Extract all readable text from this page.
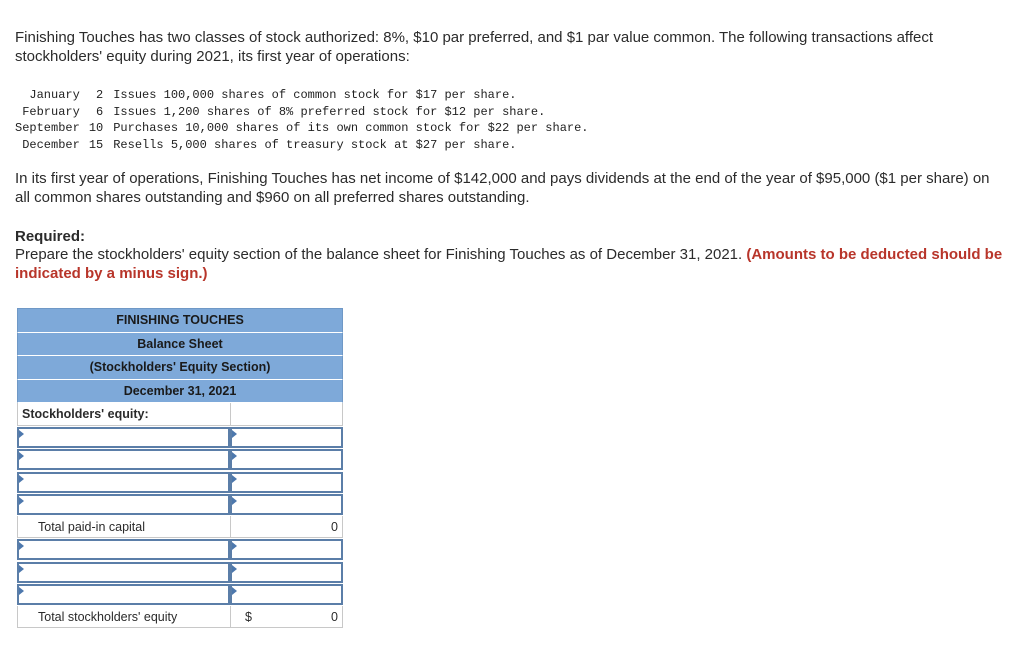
Finishing Touches has two classes of stock authorized: 8%, $10 par preferred, and $1 par value common. The following transactions affect stockholders' equity during 2021, its first year of operations:
January	2	Issues 100,000 shares of common stock for $17 per share.
February	6	Issues 1,200 shares of 8% preferred stock for $12 per share.
September	10	Purchases 10,000 shares of its own common stock for $22 per share.
December	15	Resells 5,000 shares of treasury stock at $27 per share.
In its first year of operations, Finishing Touches has net income of $142,000 and pays dividends at the end of the year of $95,000 ($1 per share) on all common shares outstanding and $960 on all preferred shares outstanding.
Required:
Prepare the stockholders' equity section of the balance sheet for Finishing Touches as of December 31, 2021. (Amounts to be deducted should be indicated by a minus sign.)
FINISHING TOUCHES
Balance Sheet
(Stockholders' Equity Section)
December 31, 2021
Stockholders' equity:
Total paid-in capital	0
Total stockholders' equity	$	0
